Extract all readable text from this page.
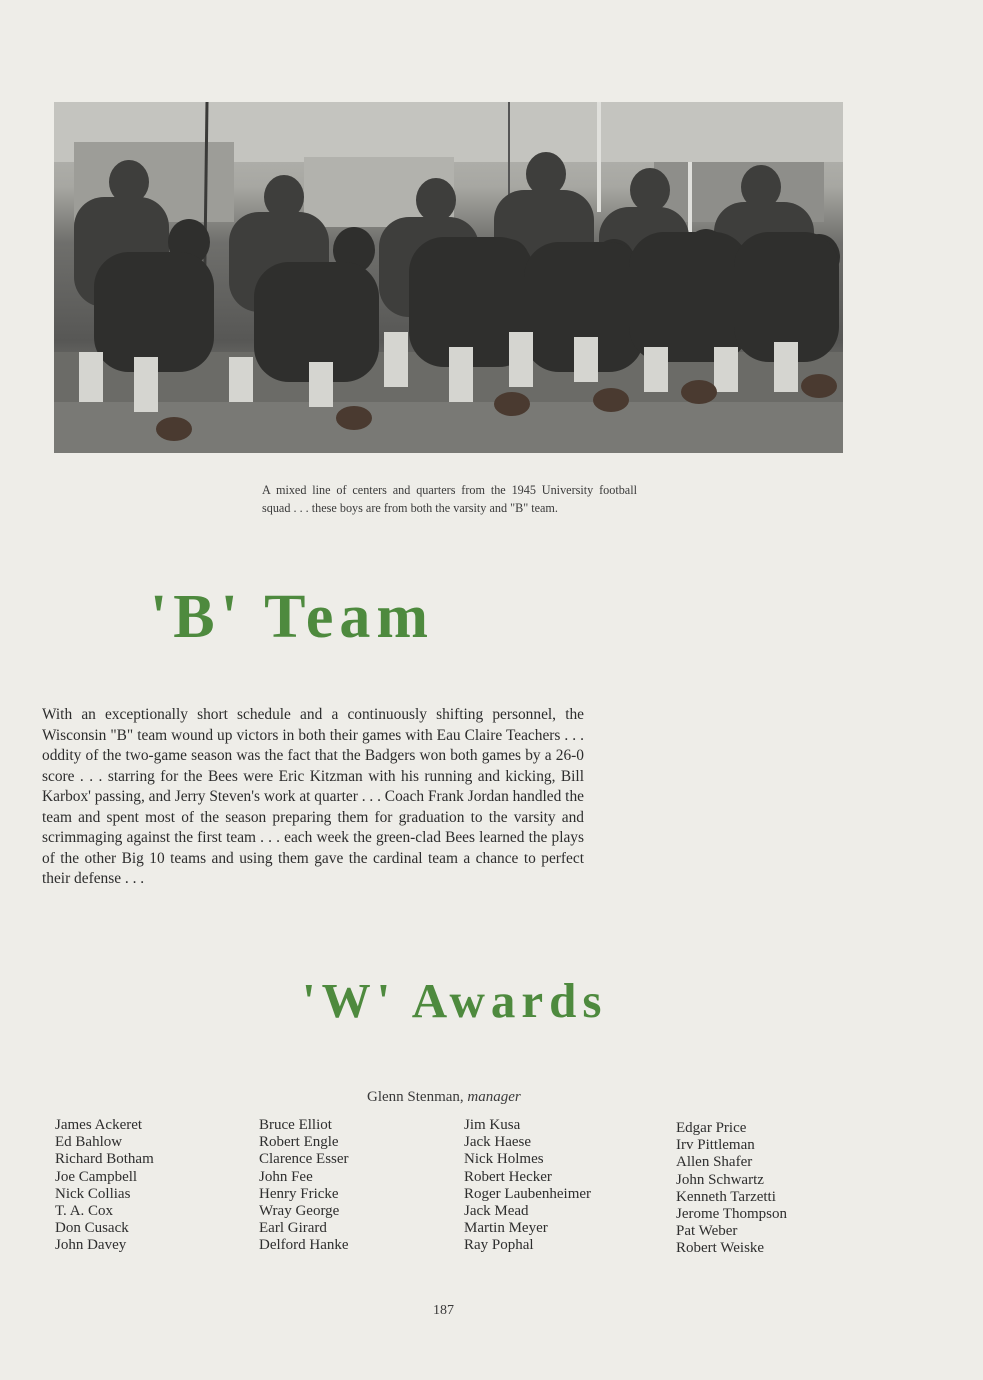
A mixed line of centers and quarters from the 1945 University football squad . . . these boys are from both the varsity and "B" team.
'B' Team
With an exceptionally short schedule and a continuously shifting personnel, the Wisconsin "B" team wound up victors in both their games with Eau Claire Teachers . . . oddity of the two-game season was the fact that the Badgers won both games by a 26-0 score . . . starring for the Bees were Eric Kitzman with his running and kicking, Bill Karbox' passing, and Jerry Steven's work at quarter . . . Coach Frank Jordan handled the team and spent most of the season preparing them for graduation to the varsity and scrimmaging against the first team . . . each week the green-clad Bees learned the plays of the other Big 10 teams and using them gave the cardinal team a chance to perfect their defense . . .
'W' Awards
Glenn Stenman, manager
James Ackeret
Ed Bahlow
Richard Botham
Joe Campbell
Nick Collias
T. A. Cox
Don Cusack
John Davey
Bruce Elliot
Robert Engle
Clarence Esser
John Fee
Henry Fricke
Wray George
Earl Girard
Delford Hanke
Jim Kusa
Jack Haese
Nick Holmes
Robert Hecker
Roger Laubenheimer
Jack Mead
Martin Meyer
Ray Pophal
Edgar Price
Irv Pittleman
Allen Shafer
John Schwartz
Kenneth Tarzetti
Jerome Thompson
Pat Weber
Robert Weiske
187
